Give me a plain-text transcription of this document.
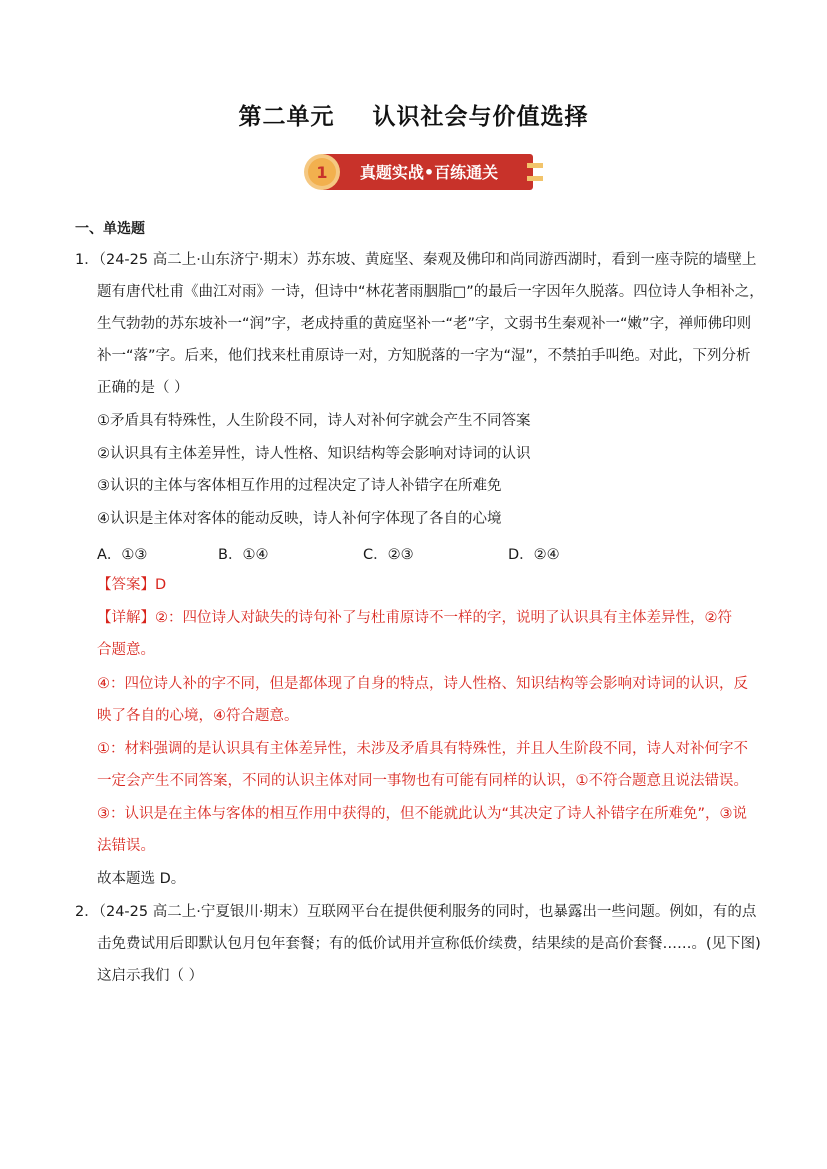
第二单元 认识社会与价值选择
1 真题实战•百练通关
一、单选题
1．（24-25 高二上·山东济宁·期末）苏东坡、黄庭坚、秦观及佛印和尚同游西湖时，看到一座寺院的墙壁上
题有唐代杜甫《曲江对雨》一诗，但诗中“林花著雨胭脂□”的最后一字因年久脱落。四位诗人争相补之，
生气勃勃的苏东坡补一“润”字，老成持重的黄庭坚补一“老”字，文弱书生秦观补一“嫩”字，禅师佛印则
补一“落”字。后来，他们找来杜甫原诗一对，方知脱落的一字为“湿”，不禁拍手叫绝。对此，下列分析
正确的是（ ）
①矛盾具有特殊性，人生阶段不同，诗人对补何字就会产生不同答案
②认识具有主体差异性，诗人性格、知识结构等会影响对诗词的认识
③认识的主体与客体相互作用的过程决定了诗人补错字在所难免
④认识是主体对客体的能动反映，诗人补何字体现了各自的心境
A．①③	B．①④	C．②③	D．②④
【答案】D
【详解】②：四位诗人对缺失的诗句补了与杜甫原诗不一样的字，说明了认识具有主体差异性，②符
合题意。
④：四位诗人补的字不同，但是都体现了自身的特点，诗人性格、知识结构等会影响对诗词的认识，反
映了各自的心境，④符合题意。
①：材料强调的是认识具有主体差异性，未涉及矛盾具有特殊性，并且人生阶段不同，诗人对补何字不
一定会产生不同答案，不同的认识主体对同一事物也有可能有同样的认识，①不符合题意且说法错误。
③：认识是在主体与客体的相互作用中获得的，但不能就此认为“其决定了诗人补错字在所难免”，③说
法错误。
故本题选 D。
2．（24-25 高二上·宁夏银川·期末）互联网平台在提供便利服务的同时，也暴露出一些问题。例如，有的点
击免费试用后即默认包月包年套餐；有的低价试用并宣称低价续费，结果续的是高价套餐……。(见下图)
这启示我们（ ）
